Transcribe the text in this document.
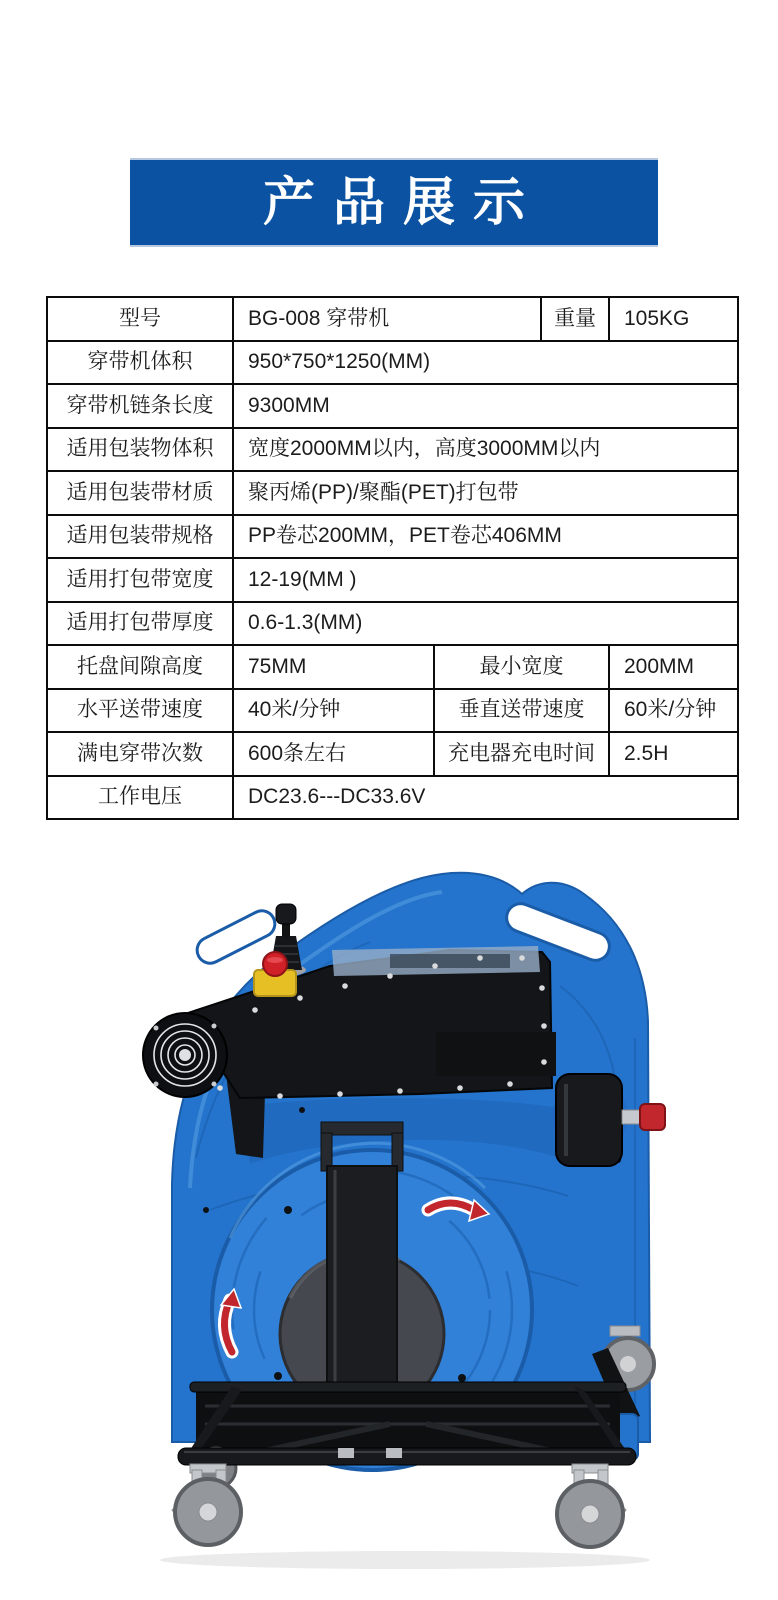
产品展示
型号	BG-008 穿带机		重量	105KG
穿带机体积	950*750*1250(MM)			
穿带机链条长度	9300MM			
适用包装物体积	宽度2000MM以内，高度3000MM以内			
适用包装带材质	聚丙烯(PP)/聚酯(PET)打包带			
适用包装带规格	PP卷芯200MM，PET卷芯406MM			
适用打包带宽度	12-19(MM )			
适用打包带厚度	0.6-1.3(MM)			
托盘间隙高度	75MM	最小宽度		200MM
水平送带速度	40米/分钟	垂直送带速度		60米/分钟
满电穿带次数	600条左右	充电器充电时间		2.5H
工作电压	DC23.6---DC33.6V			
